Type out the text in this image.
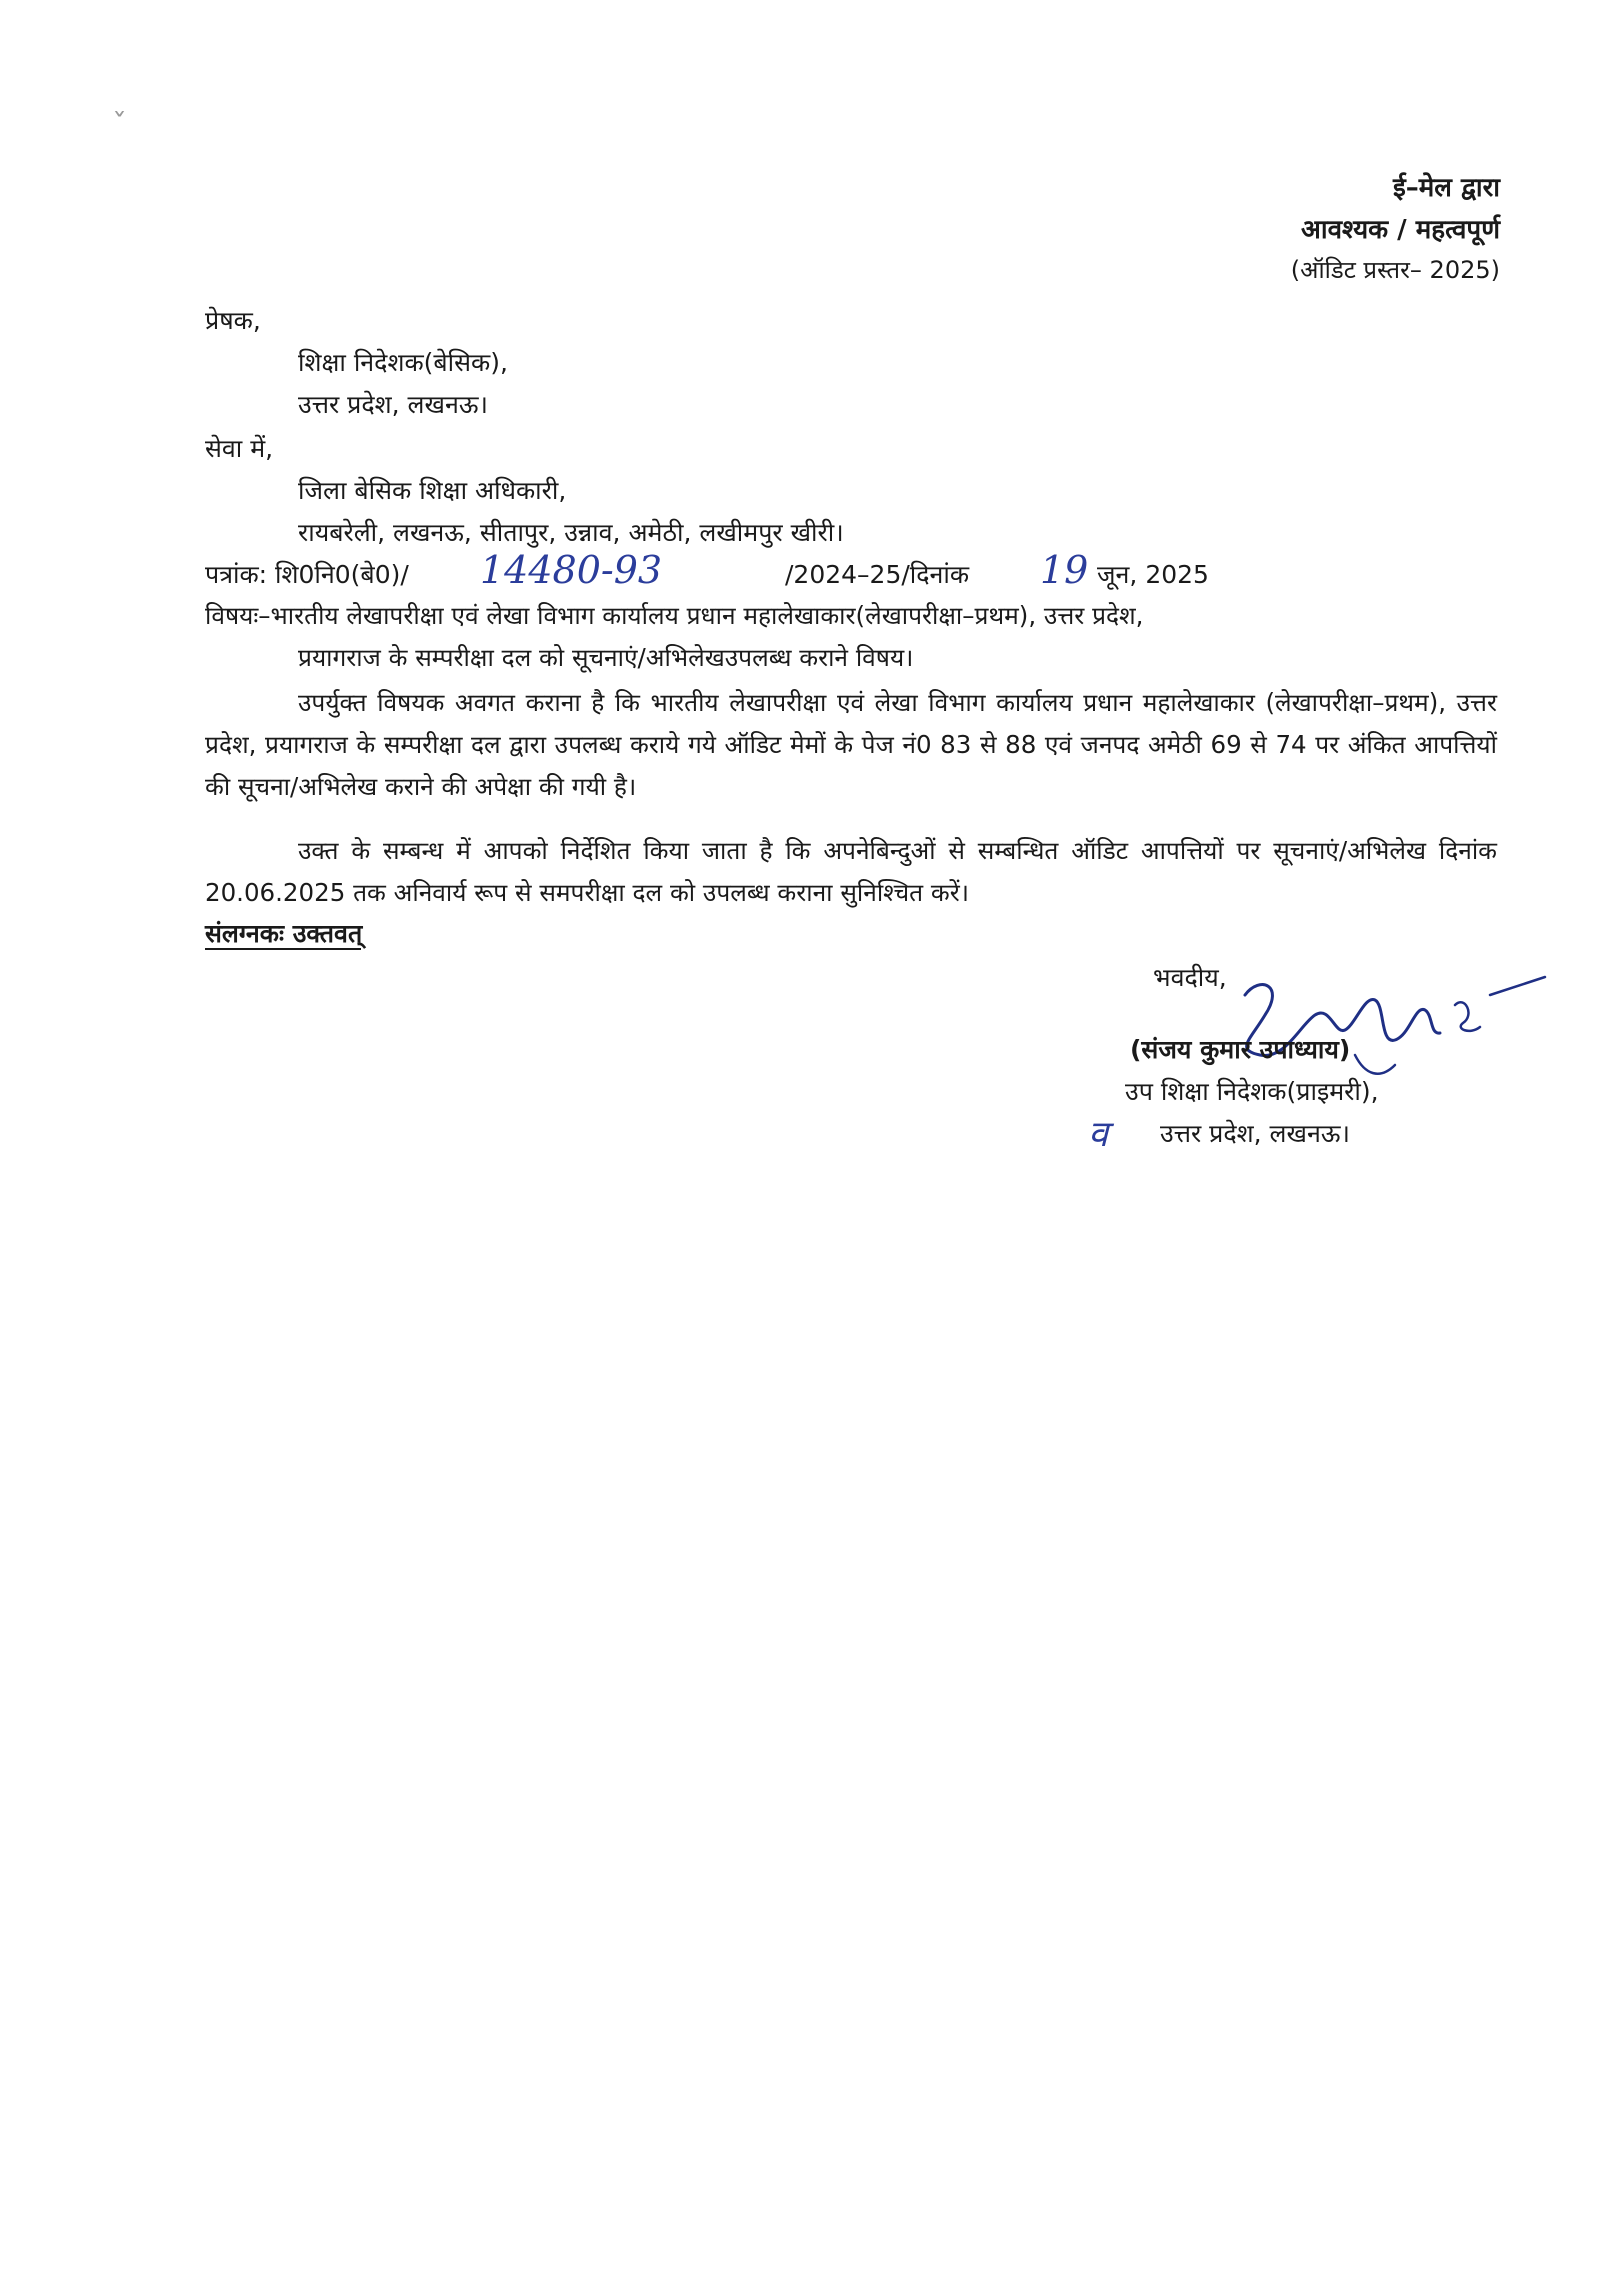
ˇ
ई–मेल द्वारा
आवश्यक / महत्वपूर्ण
(ऑडिट प्रस्तर– 2025)
प्रेषक,
शिक्षा निदेशक(बेसिक),
उत्तर प्रदेश, लखनऊ।
सेवा में,
जिला बेसिक शिक्षा अधिकारी,
रायबरेली, लखनऊ, सीतापुर, उन्नाव, अमेठी, लखीमपुर खीरी।
पत्रांक: शि0नि0(बे0)/ 14480-93	/2024–25/दिनांक 19 जून, 2025
विषयः–भारतीय लेखापरीक्षा एवं लेखा विभाग कार्यालय प्रधान महालेखाकार(लेखापरीक्षा–प्रथम), उत्तर प्रदेश,
प्रयागराज के सम्परीक्षा दल को सूचनाएं/अभिलेखउपलब्ध कराने विषय।
उपर्युक्त विषयक अवगत कराना है कि भारतीय लेखापरीक्षा एवं लेखा विभाग कार्यालय प्रधान महालेखाकार (लेखापरीक्षा–प्रथम), उत्तर प्रदेश, प्रयागराज के सम्परीक्षा दल द्वारा उपलब्ध कराये गये ऑडिट मेमों के पेज नं0 83 से 88 एवं जनपद अमेठी 69 से 74 पर अंकित आपत्तियों की सूचना/अभिलेख कराने की अपेक्षा की गयी है।
उक्त के सम्बन्ध में आपको निर्देशित किया जाता है कि अपनेबिन्दुओं से सम्बन्धित ऑडिट आपत्तियों पर सूचनाएं/अभिलेख दिनांक 20.06.2025 तक अनिवार्य रूप से समपरीक्षा दल को उपलब्ध कराना सुनिश्चित करें।
संलग्नकः उक्तवत्
भवदीय,
(संजय कुमार उपाध्याय)
उप शिक्षा निदेशक(प्राइमरी),
व उत्तर प्रदेश, लखनऊ।
